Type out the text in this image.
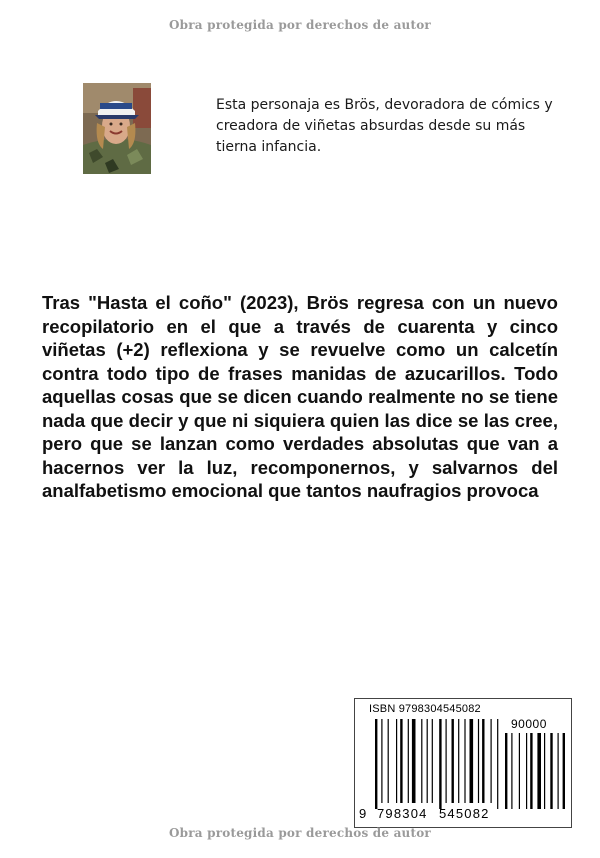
Obra protegida por derechos de autor
Esta personaja es Brös, devoradora de cómics y creadora de viñetas absurdas desde su más tierna infancia.
Tras "Hasta el coño" (2023), Brös regresa con un nuevo recopilatorio en el que a través de cuarenta y cinco viñetas (+2) reflexiona y se revuelve como un calcetín contra todo tipo de frases manidas de azucarillos. Todo aquellas cosas que se dicen cuando realmente no se tiene nada que decir y que ni siquiera quien las dice se las cree, pero que se lanzan como verdades absolutas que van a hacernos ver la luz, recomponernos, y salvarnos del analfabetismo emocional que tantos naufragios provoca
ISBN 9798304545082
90000
9 798304 545082
Obra protegida por derechos de autor
